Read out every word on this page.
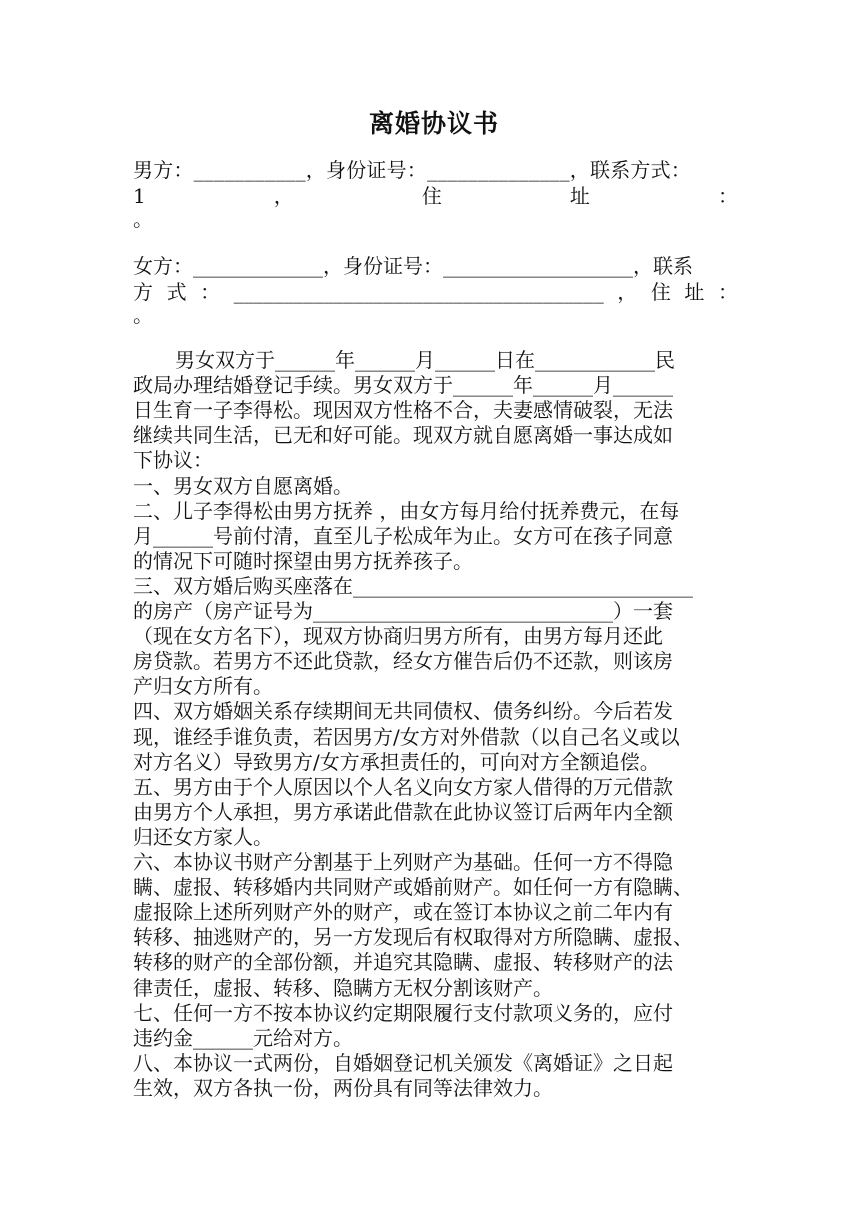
离婚协议书
男方：___________，身份证号：______________，联系方式：
1	，	住	址	：
。
女方：_____________，身份证号：___________________，联系
方 式 ： _____________________________________ ， 住 址 ：
。
男女双方于______年______月______日在____________民
政局办理结婚登记手续。男女双方于______年______月______
日生育一子李得松。现因双方性格不合，夫妻感情破裂，无法
继续共同生活，已无和好可能。现双方就自愿离婚一事达成如
下协议：
一、男女双方自愿离婚。
二、儿子李得松由男方抚养 ，由女方每月给付抚养费元，在每
月______号前付清，直至儿子松成年为止。女方可在孩子同意
的情况下可随时探望由男方抚养孩子。
三、双方婚后购买座落在__________________________________
的房产（房产证号为______________________________）一套
（现在女方名下），现双方协商归男方所有，由男方每月还此
房贷款。若男方不还此贷款，经女方催告后仍不还款，则该房
产归女方所有。
四、双方婚姻关系存续期间无共同债权、债务纠纷。今后若发
现，谁经手谁负责，若因男方/女方对外借款（以自己名义或以
对方名义）导致男方/女方承担责任的，可向对方全额追偿。
五、男方由于个人原因以个人名义向女方家人借得的万元借款
由男方个人承担，男方承诺此借款在此协议签订后两年内全额
归还女方家人。
六、本协议书财产分割基于上列财产为基础。任何一方不得隐
瞒、虚报、转移婚内共同财产或婚前财产。如任何一方有隐瞒、
虚报除上述所列财产外的财产，或在签订本协议之前二年内有
转移、抽逃财产的，另一方发现后有权取得对方所隐瞒、虚报、
转移的财产的全部份额，并追究其隐瞒、虚报、转移财产的法
律责任，虚报、转移、隐瞒方无权分割该财产。
七、任何一方不按本协议约定期限履行支付款项义务的，应付
违约金______元给对方。
八、本协议一式两份，自婚姻登记机关颁发《离婚证》之日起
生效，双方各执一份，两份具有同等法律效力。
